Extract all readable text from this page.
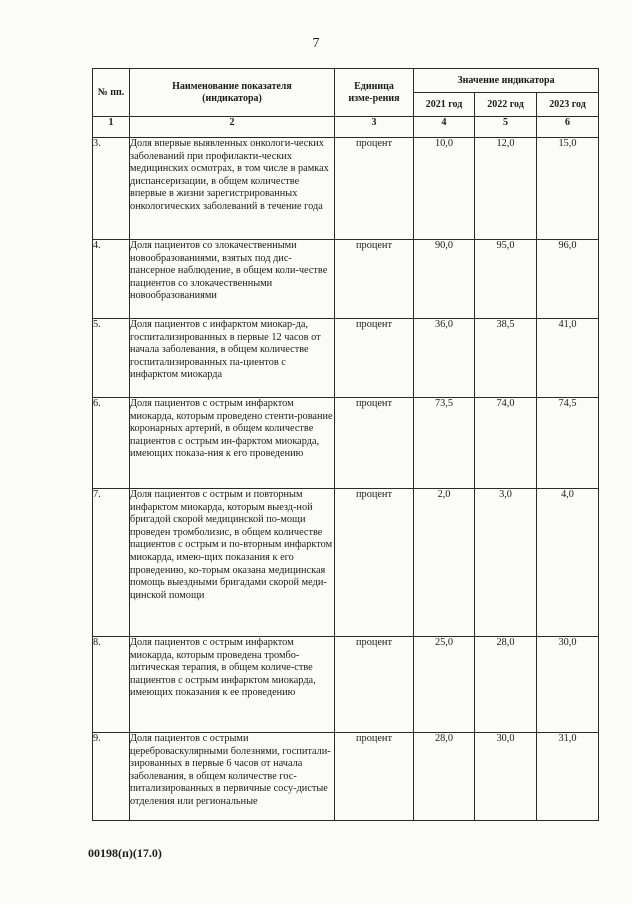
7
№ пп.	Наименование показателя (индикатора)	Единица изме-рения	Значение индикатора		
			2021 год	2022 год	2023 год
1	2	3	4	5	6
3.	Доля впервые выявленных онкологи-ческих заболеваний при профилакти-ческих медицинских осмотрах, в том числе в рамках диспансеризации, в общем количестве впервые в жизни зарегистрированных онкологических заболеваний в течение года	процент	10,0	12,0	15,0
4.	Доля пациентов со злокачественными новообразованиями, взятых под дис-пансерное наблюдение, в общем коли-честве пациентов со злокачественными новообразованиями	процент	90,0	95,0	96,0
5.	Доля пациентов с инфарктом миокар-да, госпитализированных в первые 12 часов от начала заболевания, в общем количестве госпитализированных па-циентов с инфарктом миокарда	процент	36,0	38,5	41,0
6.	Доля пациентов с острым инфарктом миокарда, которым проведено стенти-рование коронарных артерий, в общем количестве пациентов с острым ин-фарктом миокарда, имеющих показа-ния к его проведению	процент	73,5	74,0	74,5
7.	Доля пациентов с острым и повторным инфарктом миокарда, которым выезд-ной бригадой скорой медицинской по-мощи проведен тромболизис, в общем количестве пациентов с острым и по-вторным инфарктом миокарда, имею-щих показания к его проведению, ко-торым оказана медицинская помощь выездными бригадами скорой меди-цинской помощи	процент	2,0	3,0	4,0
8.	Доля пациентов с острым инфарктом миокарда, которым проведена тромбо-литическая терапия, в общем количе-стве пациентов с острым инфарктом миокарда, имеющих показания к ее проведению	процент	25,0	28,0	30,0
9.	Доля пациентов с острыми цереброваскулярными болезнями, госпитали-зированных в первые 6 часов от начала заболевания, в общем количестве гос-питализированных в первичные сосу-дистые отделения или региональные	процент	28,0	30,0	31,0
00198(п)(17.0)
